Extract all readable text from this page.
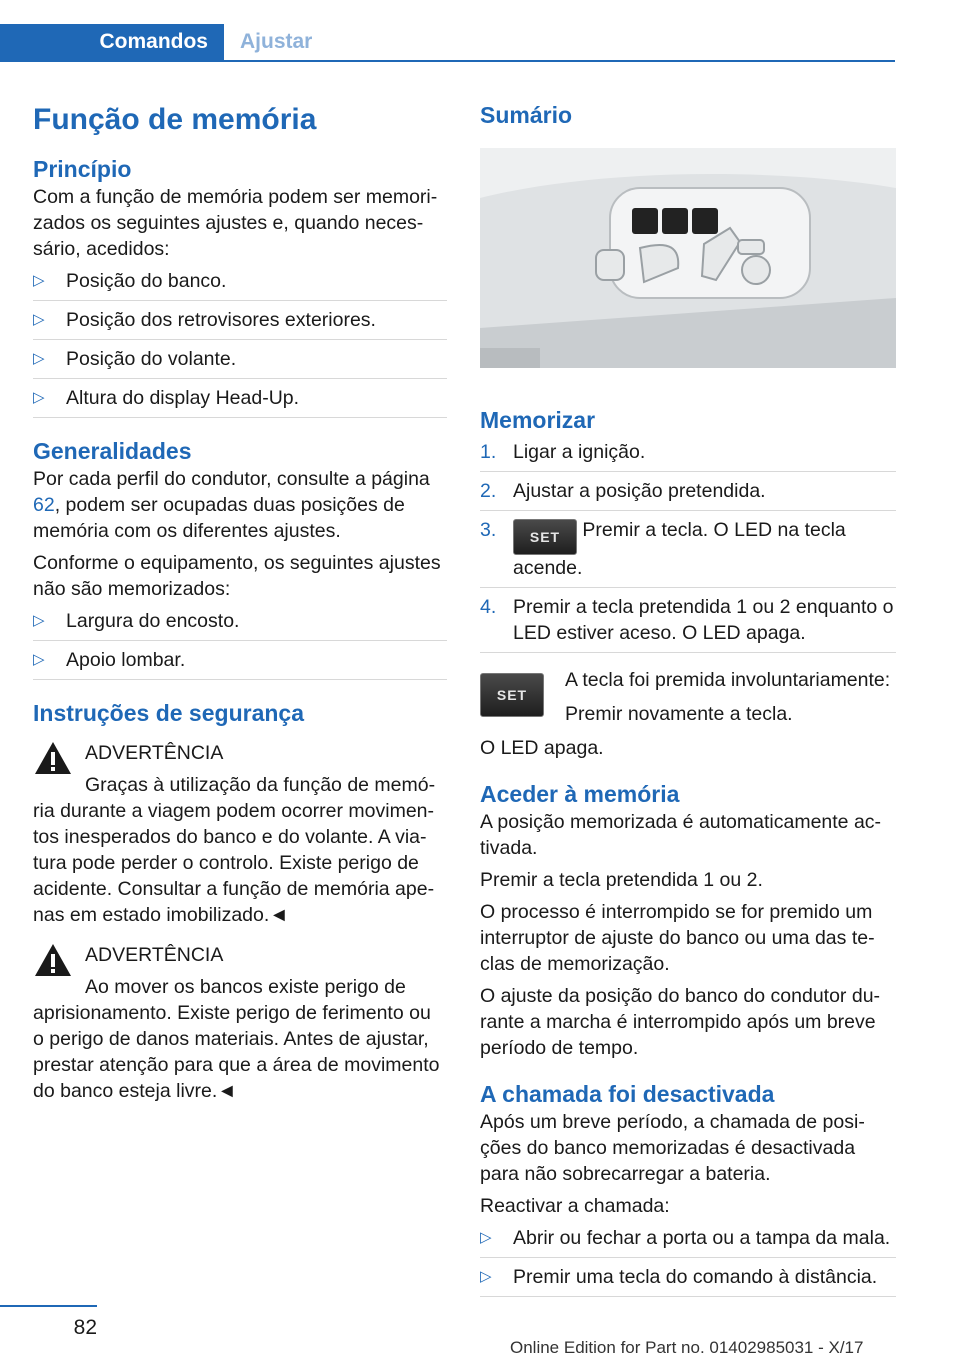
Comandos	Ajustar
Função de memória
Princípio

Com a função de memória podem ser memorizados os seguintes ajustes e, quando necessário, acedidos:

▷ Posição do banco.
▷ Posição dos retrovisores exteriores.
▷ Posição do volante.
▷ Altura do display Head-Up.
Generalidades

Por cada perfil do condutor, consulte a página 62, podem ser ocupadas duas posições de memória com os diferentes ajustes.

Conforme o equipamento, os seguintes ajustes não são memorizados:

▷ Largura do encosto.
▷ Apoio lombar.
Instruções de segurança
ADVERTÊNCIA
Graças à utilização da função de memória durante a viagem podem ocorrer movimentos inesperados do banco e do volante. A viatura pode perder o controlo. Existe perigo de acidente. Consultar a função de memória apenas em estado imobilizado.◄
ADVERTÊNCIA
Ao mover os bancos existe perigo de aprisionamento. Existe perigo de ferimento ou o perigo de danos materiais. Antes de ajustar, prestar atenção para que a área de movimento do banco esteja livre.◄
Sumário
Memorizar
1. Ligar a ignição.
2. Ajustar a posição pretendida.
3. SET Premir a tecla. O LED na tecla acende.
4. Premir a tecla pretendida 1 ou 2 enquanto o LED estiver aceso. O LED apaga.
SET

A tecla foi premida involuntariamente:

Premir novamente a tecla.

O LED apaga.

Aceder à memória

A posição memorizada é automaticamente activada.

Premir a tecla pretendida 1 ou 2.

O processo é interrompido se for premido um interruptor de ajuste do banco ou uma das teclas de memorização.

O ajuste da posição do banco do condutor durante a marcha é interrompido após um breve período de tempo.

A chamada foi desactivada

Após um breve período, a chamada de posições do banco memorizadas é desactivada para não sobrecarregar a bateria.

Reactivar a chamada:

▷ Abrir ou fechar a porta ou a tampa da mala.
▷ Premir uma tecla do comando à distância.
82
Online Edition for Part no. 01402985031 - X/17
